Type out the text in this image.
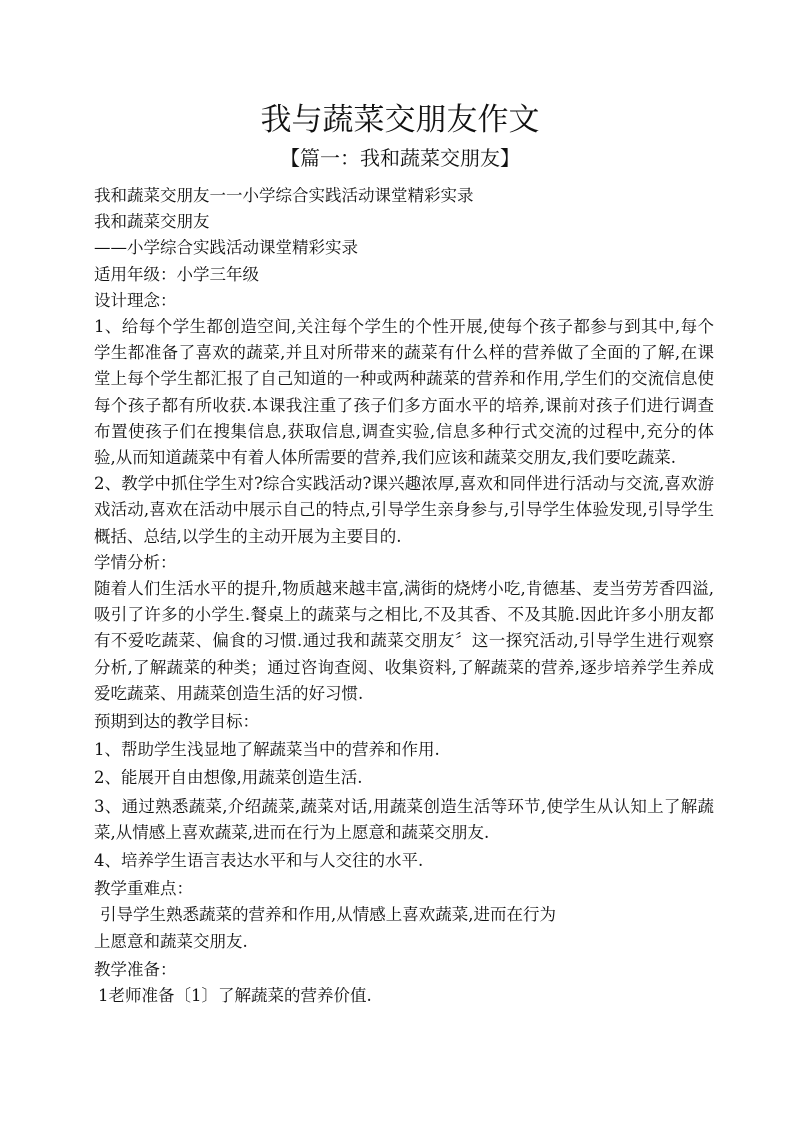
我与蔬菜交朋友作文
【篇一：我和蔬菜交朋友】

我和蔬菜交朋友一一小学综合实践活动课堂精彩实录

我和蔬菜交朋友

——小学综合实践活动课堂精彩实录

适用年级：小学三年级

设计理念：

1、给每个学生都创造空间,关注每个学生的个性开展,使每个孩子都参与到其中,每个学生都准备了喜欢的蔬菜,并且对所带来的蔬菜有什么样的营养做了全面的了解,在课堂上每个学生都汇报了自己知道的一种或两种蔬菜的营养和作用,学生们的交流信息使每个孩子都有所收获.本课我注重了孩子们多方面水平的培养,课前对孩子们进行调查布置使孩子们在搜集信息,获取信息,调查实验,信息多种行式交流的过程中,充分的体验,从而知道蔬菜中有着人体所需要的营养,我们应该和蔬菜交朋友,我们要吃蔬菜.

2、教学中抓住学生对?综合实践活动?课兴趣浓厚,喜欢和同伴进行活动与交流,喜欢游戏活动,喜欢在活动中展示自己的特点,引导学生亲身参与,引导学生体验发现,引导学生概括、总结,以学生的主动开展为主要目的.

学情分析：

随着人们生活水平的提升,物质越来越丰富,满街的烧烤小吃,肯德基、麦当劳芳香四溢,吸引了许多的小学生.餐桌上的蔬菜与之相比,不及其香、不及其脆.因此许多小朋友都有不爱吃蔬菜、偏食的习惯.通过我和蔬菜交朋友〞这一探究活动,引导学生进行观察分析,了解蔬菜的种类；通过咨询查阅、收集资料,了解蔬菜的营养,逐步培养学生养成爱吃蔬菜、用蔬菜创造生活的好习惯.

预期到达的教学目标：

1、帮助学生浅显地了解蔬菜当中的营养和作用.

2、能展开自由想像,用蔬菜创造生活.

3、通过熟悉蔬菜,介绍蔬菜,蔬菜对话,用蔬菜创造生活等环节,使学生从认知上了解蔬菜,从情感上喜欢蔬菜,进而在行为上愿意和蔬菜交朋友.

4、培养学生语言表达水平和与人交往的水平.

教学重难点：

引导学生熟悉蔬菜的营养和作用,从情感上喜欢蔬菜,进而在行为

上愿意和蔬菜交朋友.

教学准备：

1老师准备〔1〕了解蔬菜的营养价值.
